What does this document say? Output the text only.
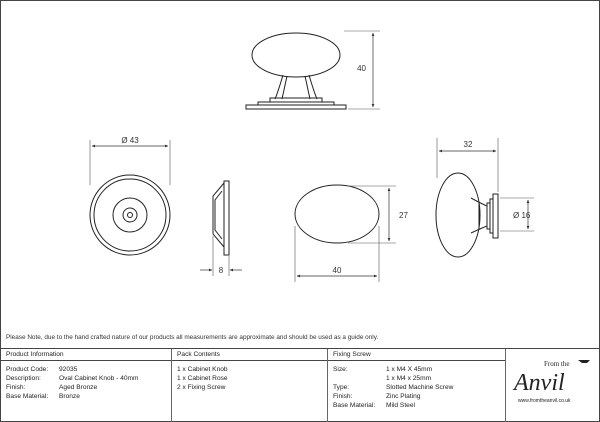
40
Ø 43
8
27
40
32
Ø 16
Please Note, due to the hand crafted nature of our products all measurements are approximate and should be used as a guide only.
Product Information
Product Code: 92035
Description:	Oval Cabinet Knob - 40mm
Finish:	Aged Bronze
Base Material: Bronze
Pack Contents
1 x Cabinet Knob
1 x Cabinet Rose
2 x Fixing Screw
Fixing Screw
Size:	1 x M4 X 45mm
1 x M4 x 25mm
Type:	Slotted Machine Screw
Finish:	Zinc Plating
Base Material: Mild Steel
From the
Anvil
www.fromtheanvil.co.uk
